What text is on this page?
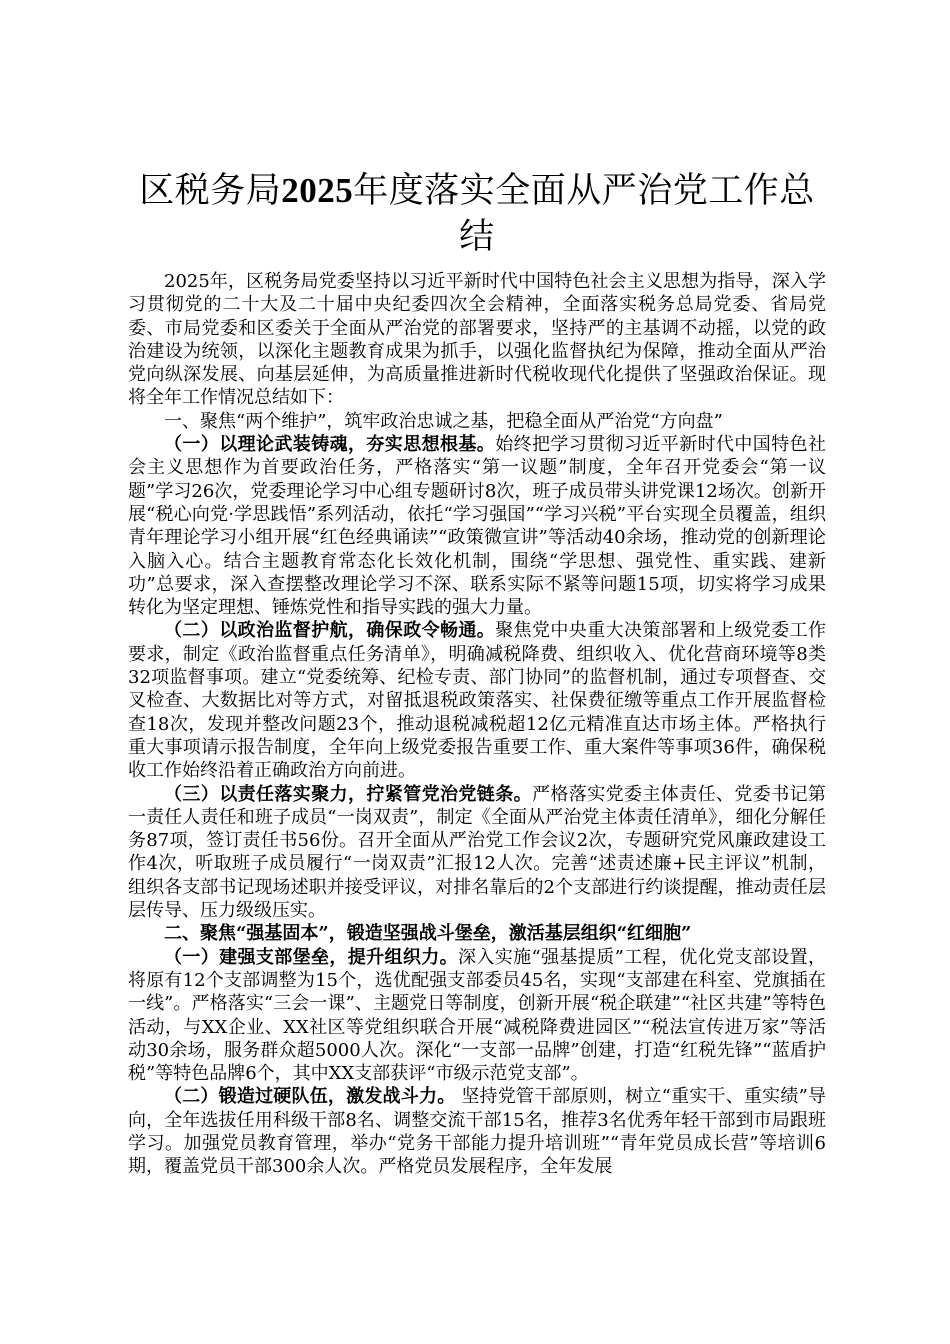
区税务局2025年度落实全面从严治党工作总结

2025年，区税务局党委坚持以习近平新时代中国特色社会主义思想为指导，深入学习贯彻党的二十大及二十届中央纪委四次全会精神，全面落实税务总局党委、省局党委、市局党委和区委关于全面从严治党的部署要求，坚持严的主基调不动摇，以党的政治建设为统领，以深化主题教育成果为抓手，以强化监督执纪为保障，推动全面从严治党向纵深发展、向基层延伸，为高质量推进新时代税收现代化提供了坚强政治保证。现将全年工作情况总结如下：

一、聚焦“两个维护”，筑牢政治忠诚之基，把稳全面从严治党“方向盘”

（一）以理论武装铸魂，夯实思想根基。始终把学习贯彻习近平新时代中国特色社会主义思想作为首要政治任务，严格落实“第一议题”制度，全年召开党委会“第一议题”学习26次，党委理论学习中心组专题研讨8次，班子成员带头讲党课12场次。创新开展“税心向党·学思践悟”系列活动，依托“学习强国”“学习兴税”平台实现全员覆盖，组织青年理论学习小组开展“红色经典诵读”“政策微宣讲”等活动40余场，推动党的创新理论入脑入心。结合主题教育常态化长效化机制，围绕“学思想、强党性、重实践、建新功”总要求，深入查摆整改理论学习不深、联系实际不紧等问题15项，切实将学习成果转化为坚定理想、锤炼党性和指导实践的强大力量。

（二）以政治监督护航，确保政令畅通。聚焦党中央重大决策部署和上级党委工作要求，制定《政治监督重点任务清单》，明确减税降费、组织收入、优化营商环境等8类32项监督事项。建立“党委统筹、纪检专责、部门协同”的监督机制，通过专项督查、交叉检查、大数据比对等方式，对留抵退税政策落实、社保费征缴等重点工作开展监督检查18次，发现并整改问题23个，推动退税减税超12亿元精准直达市场主体。严格执行重大事项请示报告制度，全年向上级党委报告重要工作、重大案件等事项36件，确保税收工作始终沿着正确政治方向前进。

（三）以责任落实聚力，拧紧管党治党链条。严格落实党委主体责任、党委书记第一责任人责任和班子成员“一岗双责”，制定《全面从严治党主体责任清单》，细化分解任务87项，签订责任书56份。召开全面从严治党工作会议2次，专题研究党风廉政建设工作4次，听取班子成员履行“一岗双责”汇报12人次。完善“述责述廉+民主评议”机制，组织各支部书记现场述职并接受评议，对排名靠后的2个支部进行约谈提醒，推动责任层层传导、压力级级压实。

二、聚焦“强基固本”，锻造坚强战斗堡垒，激活基层组织“红细胞”

（一）建强支部堡垒，提升组织力。深入实施“强基提质”工程，优化党支部设置，将原有12个支部调整为15个，选优配强支部委员45名，实现“支部建在科室、党旗插在一线”。严格落实“三会一课”、主题党日等制度，创新开展“税企联建”“社区共建”等特色活动，与XX企业、XX社区等党组织联合开展“减税降费进园区”“税法宣传进万家”等活动30余场，服务群众超5000人次。深化“一支部一品牌”创建，打造“红税先锋”“蓝盾护税”等特色品牌6个，其中XX支部获评“市级示范党支部”。

（二）锻造过硬队伍，激发战斗力。 坚持党管干部原则，树立“重实干、重实绩”导向，全年选拔任用科级干部8名、调整交流干部15名，推荐3名优秀年轻干部到市局跟班学习。加强党员教育管理，举办“党务干部能力提升培训班”“青年党员成长营”等培训6期，覆盖党员干部300余人次。严格党员发展程序，全年发展
